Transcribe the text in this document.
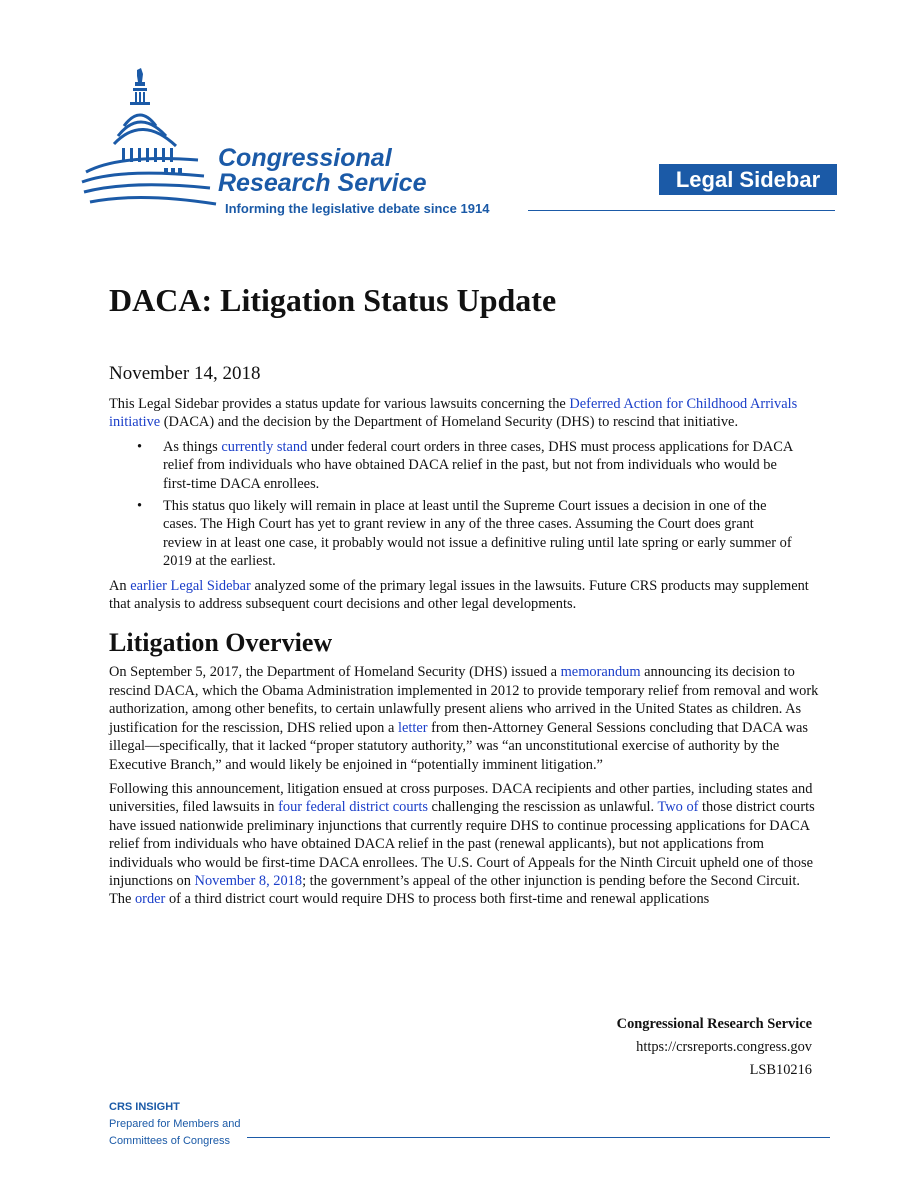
Congressional
Research Service
Informing the legislative debate since 1914
Legal Sidebar
DACA: Litigation Status Update
November 14, 2018

This Legal Sidebar provides a status update for various lawsuits concerning the Deferred Action for Childhood Arrivals initiative (DACA) and the decision by the Department of Homeland Security (DHS) to rescind that initiative.

• As things currently stand under federal court orders in three cases, DHS must process applications for DACA relief from individuals who have obtained DACA relief in the past, but not from individuals who would be first-time DACA enrollees.
• This status quo likely will remain in place at least until the Supreme Court issues a decision in one of the cases. The High Court has yet to grant review in any of the three cases. Assuming the Court does grant review in at least one case, it probably would not issue a definitive ruling until late spring or early summer of 2019 at the earliest.

An earlier Legal Sidebar analyzed some of the primary legal issues in the lawsuits. Future CRS products may supplement that analysis to address subsequent court decisions and other legal developments.

Litigation Overview

On September 5, 2017, the Department of Homeland Security (DHS) issued a memorandum announcing its decision to rescind DACA, which the Obama Administration implemented in 2012 to provide temporary relief from removal and work authorization, among other benefits, to certain unlawfully present aliens who arrived in the United States as children. As justification for the rescission, DHS relied upon a letter from then-Attorney General Sessions concluding that DACA was illegal—specifically, that it lacked “proper statutory authority,” was “an unconstitutional exercise of authority by the Executive Branch,” and would likely be enjoined in “potentially imminent litigation.”

Following this announcement, litigation ensued at cross purposes. DACA recipients and other parties, including states and universities, filed lawsuits in four federal district courts challenging the rescission as unlawful. Two of those district courts have issued nationwide preliminary injunctions that currently require DHS to continue processing applications for DACA relief from individuals who have obtained DACA relief in the past (renewal applicants), but not applications from individuals who would be first-time DACA enrollees. The U.S. Court of Appeals for the Ninth Circuit upheld one of those injunctions on November 8, 2018; the government’s appeal of the other injunction is pending before the Second Circuit. The order of a third district court would require DHS to process both first-time and renewal applications

Congressional Research Service
https://crsreports.congress.gov
LSB10216
CRS INSIGHT
Prepared for Members and
Committees of Congress
